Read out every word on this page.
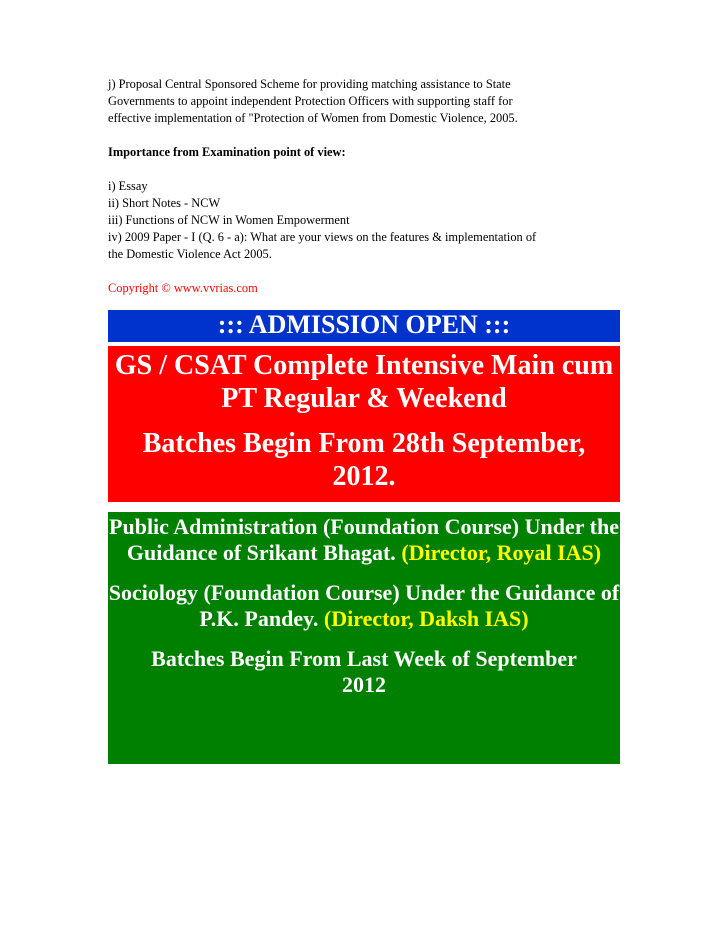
j) Proposal Central Sponsored Scheme for providing matching assistance to State
Governments to appoint independent Protection Officers with supporting staff for
effective implementation of "Protection of Women from Domestic Violence, 2005.
Importance from Examination point of view:
i) Essay
ii) Short Notes - NCW
iii) Functions of NCW in Women Empowerment
iv) 2009 Paper - I (Q. 6 - a): What are your views on the features & implementation of
the Domestic Violence Act 2005.
Copyright © www.vvrias.com
::: ADMISSION OPEN :::
GS / CSAT Complete Intensive Main cum
PT Regular & Weekend
Batches Begin From 28th September,
2012.
Public Administration (Foundation Course) Under the Guidance of Srikant Bhagat. (Director, Royal IAS)
Sociology (Foundation Course) Under the Guidance of P.K. Pandey. (Director, Daksh IAS)
Batches Begin From Last Week of September
2012
